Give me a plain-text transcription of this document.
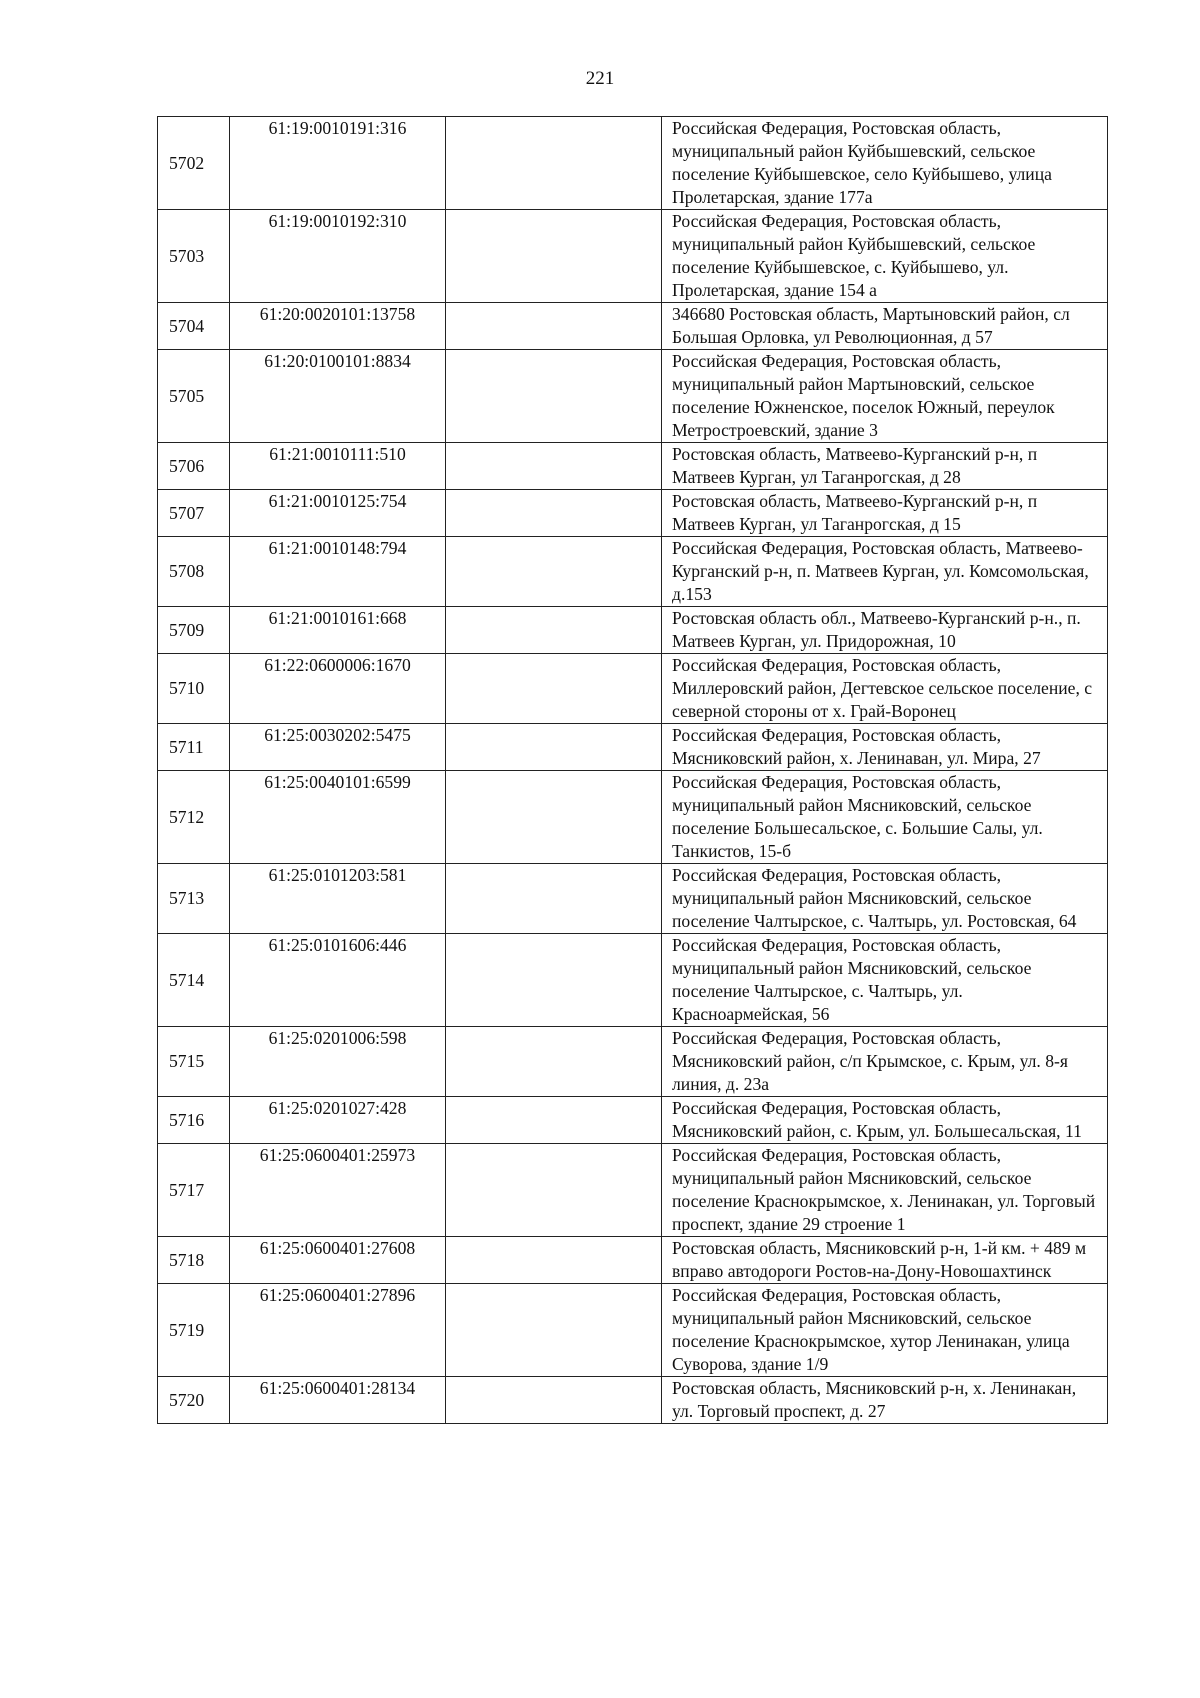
221
5702	61:19:0010191:316		Российская Федерация, Ростовская область, муниципальный район Куйбышевский, сельское поселение Куйбышевское, село Куйбышево, улица Пролетарская, здание 177а
5703	61:19:0010192:310		Российская Федерация, Ростовская область, муниципальный район Куйбышевский, сельское поселение Куйбышевское, с. Куйбышево, ул. Пролетарская, здание 154 а
5704	61:20:0020101:13758		346680 Ростовская область, Мартыновский район, сл Большая Орловка, ул Революционная, д 57
5705	61:20:0100101:8834		Российская Федерация, Ростовская область, муниципальный район Мартыновский, сельское поселение Южненское, поселок Южный, переулок Метростроевский, здание 3
5706	61:21:0010111:510		Ростовская область, Матвеево-Курганский р-н, п Матвеев Курган, ул Таганрогская, д 28
5707	61:21:0010125:754		Ростовская область, Матвеево-Курганский р-н, п Матвеев Курган, ул Таганрогская, д 15
5708	61:21:0010148:794		Российская Федерация, Ростовская область, Матвеево-Курганский р-н, п. Матвеев Курган, ул. Комсомольская, д.153
5709	61:21:0010161:668		Ростовская область обл., Матвеево-Курганский р-н., п. Матвеев Курган, ул. Придорожная, 10
5710	61:22:0600006:1670		Российская Федерация, Ростовская область, Миллеровский район, Дегтевское сельское поселение, с северной стороны от х. Грай-Воронец
5711	61:25:0030202:5475		Российская Федерация, Ростовская область, Мясниковский район, х. Ленинаван, ул. Мира, 27
5712	61:25:0040101:6599		Российская Федерация, Ростовская область, муниципальный район Мясниковский, сельское поселение Большесальское, с. Большие Салы, ул. Танкистов, 15-б
5713	61:25:0101203:581		Российская Федерация, Ростовская область, муниципальный район Мясниковский, сельское поселение Чалтырское, с. Чалтырь, ул. Ростовская, 64
5714	61:25:0101606:446		Российская Федерация, Ростовская область, муниципальный район Мясниковский, сельское поселение Чалтырское, с. Чалтырь, ул. Красноармейская, 56
5715	61:25:0201006:598		Российская Федерация, Ростовская область, Мясниковский район, с/п Крымское, с. Крым, ул. 8-я линия, д. 23а
5716	61:25:0201027:428		Российская Федерация, Ростовская область, Мясниковский район, с. Крым, ул. Большесальская, 11
5717	61:25:0600401:25973		Российская Федерация, Ростовская область, муниципальный район Мясниковский, сельское поселение Краснокрымское, х. Ленинакан, ул. Торговый проспект, здание 29 строение 1
5718	61:25:0600401:27608		Ростовская область, Мясниковский р-н, 1-й км. + 489 м вправо автодороги Ростов-на-Дону-Новошахтинск
5719	61:25:0600401:27896		Российская Федерация, Ростовская область, муниципальный район Мясниковский, сельское поселение Краснокрымское, хутор Ленинакан, улица Суворова, здание 1/9
5720	61:25:0600401:28134		Ростовская область, Мясниковский р-н, х. Ленинакан, ул. Торговый проспект, д. 27
